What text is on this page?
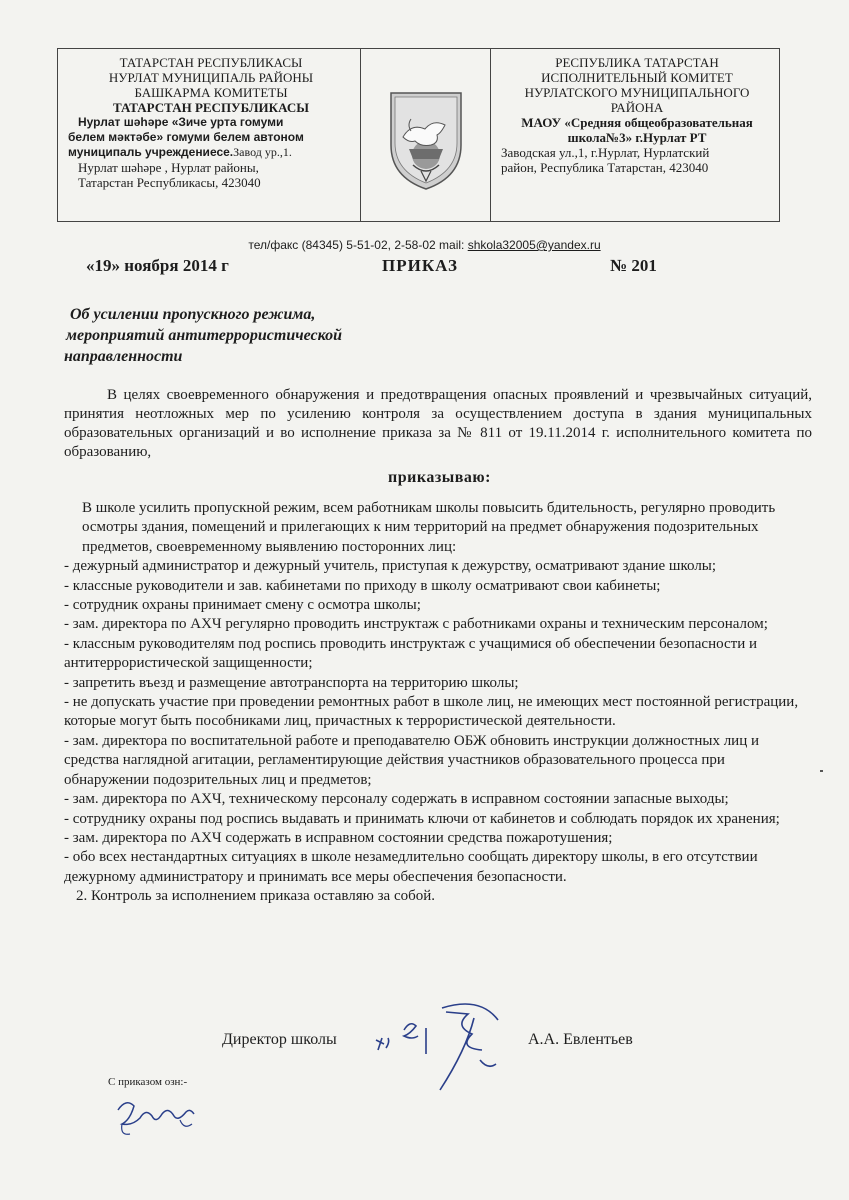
ТАТАРСТАН РЕСПУБЛИКАСЫ
НУРЛАТ МУНИЦИПАЛЬ РАЙОНЫ
БАШКАРМА КОМИТЕТЫ
ТАТАРСТАН РЕСПУБЛИКАСЫ
Нурлат шәһәре «Зиче урта гомуми
белем мәктәбе» гомуми белем автоном
муниципаль учреждениесе.Завод ур.,1.
Нурлат шәһәре , Нурлат районы,
Татарстан Республикасы, 423040
РЕСПУБЛИКА ТАТАРСТАН
ИСПОЛНИТЕЛЬНЫЙ КОМИТЕТ
НУРЛАТСКОГО МУНИЦИПАЛЬНОГО
РАЙОНА
МАОУ «Средняя общеобразовательная
школа№3» г.Нурлат РТ
Заводская ул.,1, г.Нурлат, Нурлатский
район, Республика Татарстан, 423040
тел/факс (84345) 5-51-02, 2-58-02 mail: shkola32005@yandex.ru
«19» ноября 2014 г	ПРИКАЗ	№ 201
Об усилении пропускного режима,
мероприятий антитеррористической
направленности
В целях своевременного обнаружения и предотвращения опасных проявлений и чрезвычайных ситуаций, принятия неотложных мер по усилению контроля за осуществлением доступа в здания муниципальных образовательных организаций и во исполнение приказа за № 811 от 19.11.2014 г. исполнительного комитета по образованию,
приказываю:
В школе усилить пропускной режим, всем работникам школы повысить бдительность, регулярно проводить осмотры здания, помещений и прилегающих к ним территорий на предмет обнаружения подозрительных предметов, своевременному выявлению посторонних лиц:
- дежурный администратор и дежурный учитель, приступая к дежурству, осматривают здание школы;
- классные руководители и зав. кабинетами по приходу в школу осматривают свои кабинеты;
- сотрудник охраны принимает смену с осмотра школы;
- зам. директора по АХЧ регулярно проводить инструктаж с работниками охраны и техническим персоналом;
- классным руководителям под роспись проводить инструктаж с учащимися об обеспечении безопасности и антитеррористической защищенности;
- запретить въезд и размещение автотранспорта на территорию школы;
- не допускать участие при проведении ремонтных работ в школе лиц, не имеющих мест постоянной регистрации, которые могут быть пособниками лиц, причастных к террористической деятельности.
- зам. директора по воспитательной работе и преподавателю ОБЖ обновить инструкции должностных лиц и средства наглядной агитации, регламентирующие действия участников образовательного процесса при обнаружении подозрительных лиц и предметов;
- зам. директора по АХЧ, техническому персоналу содержать в исправном состоянии запасные выходы;
- сотруднику охраны под роспись выдавать и принимать ключи от кабинетов и соблюдать порядок их хранения;
- зам. директора по АХЧ содержать в исправном состоянии средства пожаротушения;
- обо всех нестандартных ситуациях в школе незамедлительно сообщать директору школы, в его отсутствии дежурному администратору и принимать все меры обеспечения безопасности.
2. Контроль за исполнением приказа оставляю за собой.
Директор школы	А.А. Евлентьев
С приказом озн:-
